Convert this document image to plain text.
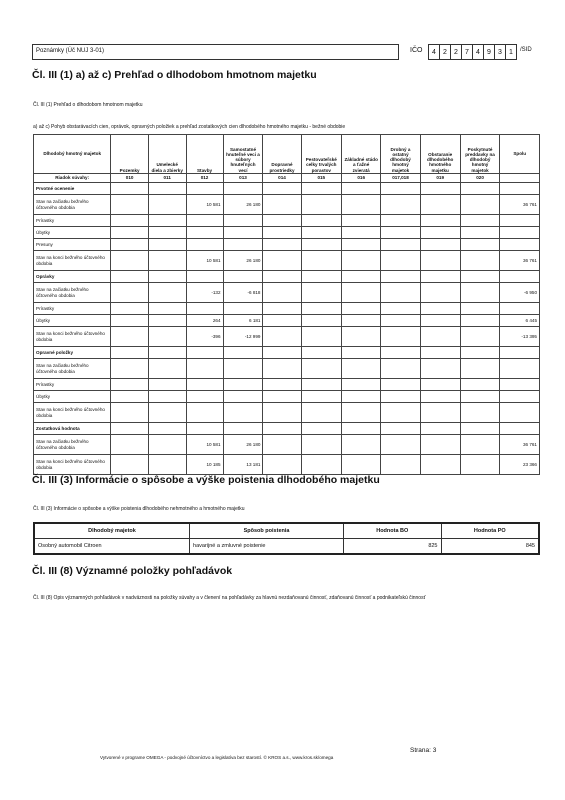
Poznámky (Úč NUJ 3-01)	IČO	4	2	2	7	4	9	3	1	/SID
Čl. III (1) a) až c) Prehľad o dlhodobom hmotnom majetku
Čl. III (1) Prehľad o dlhodobom hmotnom majetku
a) až c) Pohyb obstarávacích cien, oprávok, opravných položiek a prehľad zostatkových cien dlhodobého hmotného majetku - bežné obdobie
Dlhodobý hmotný majetok	Pozemky	Umelecké diela a zbierky	Stavby	Samostatné hnuteľné veci a súbory hnuteľných vecí	Dopravné prostriedky	Pestovateľské celky trvalých porastov	Základné stádo a ťažné zvieratá	Drobný a ostatný dlhodobý hmotný majetok	Obstaranie dlhodobého hmotného majetku	Poskytnuté preddavky na dlhodobý hmotný majetok	Spolu
Riadok súvahy:	010	011	012	013	014	015	016	017,018	019	020	
Prvotné ocenenie											
Stav na začiatku bežného účtovného obdobia			10 581	26 180							36 761
Prírastky											
Úbytky											
Presuny											
Stav na konci bežného účtovného obdobia			10 581	26 180							36 761
Oprávky											
Stav na začiatku bežného účtovného obdobia			-132	-6 818							-6 950
Prírastky											
Úbytky			264	6 181							6 445
Stav na konci bežného účtovného obdobia			-396	-12 999							-13 395
Opravné položky											
Stav na začiatku bežného účtovného obdobia											
Prírastky											
Úbytky											
Stav na konci bežného účtovného obdobia											
Zostatková hodnota											
Stav na začiatku bežného účtovného obdobia			10 581	26 180							36 761
Stav na konci bežného účtovného obdobia			10 185	13 181							23 366
Čl. III (3) Informácie o spôsobe a výške poistenia dlhodobého majetku
Čl. III (3) Informácie o spôsobe a výške poistenia dlhodobého nehmotného a hmotného majetku
Dlhodobý majetok	Spôsob poistenia	Hodnota BO	Hodnota PO
Osobný automobil Citroen	havarijné a zmluvné poistenie	825	845
Čl. III (8) Významné položky pohľadávok
Čl. III (8) Opis významných pohľadávok v nadväznosti na položky súvahy a v členení na pohľadávky za hlavnú nezdaňovanú činnosť, zdaňovanú činnosť a podnikateľskú činnosť
Vytvorené v programe OMEGA - podvojné účtovníctvo a legislatíva bez starostí. © KROS a.s., www.kros.sk/omega
Strana: 3
